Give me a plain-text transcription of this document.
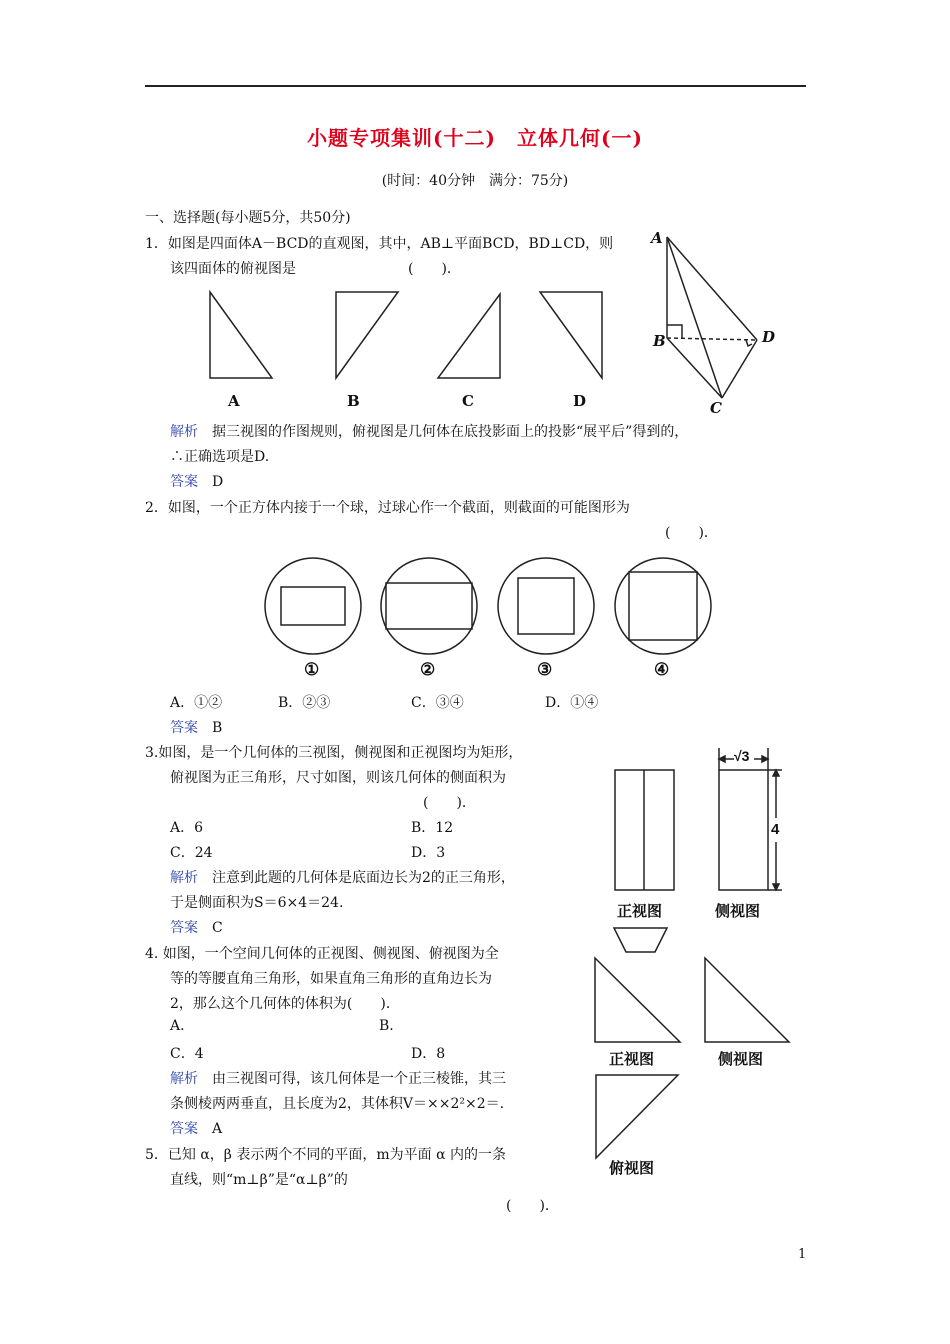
小题专项集训(十二)　立体几何(一)
(时间：40分钟　满分：75分)
一、选择题(每小题5分，共50分)
1．如图是四面体A－BCD的直观图，其中，AB⊥平面BCD，BD⊥CD，则
该四面体的俯视图是　　　　　　　　(　　)．
A	B	C	D
A
B
C
D
解析　据三视图的作图规则，俯视图是几何体在底投影面上的投影“展平后”得到的，
∴正确选项是D.
答案　D
2．如图，一个正方体内接于一个球，过球心作一个截面，则截面的可能图形为
(　　)．
①	②	③	④
A．①②	B．②③	C．③④	D．①④
答案　B
3.如图，是一个几何体的三视图，侧视图和正视图均为矩形，
俯视图为正三角形，尺寸如图，则该几何体的侧面积为
(　　)．
A．6	B．12
C．24	D．3
解析　注意到此题的几何体是底面边长为2的正三角形，
于是侧面积为S＝6×4＝24.
答案　C
√3
4
正视图	侧视图
4. 如图，一个空间几何体的正视图、侧视图、俯视图为全
等的等腰直角三角形，如果直角三角形的直角边长为
2，那么这个几何体的体积为(　　)．
A.	B.
C．4	D．8
解析　由三视图可得，该几何体是一个正三棱锥，其三
条侧棱两两垂直，且长度为2，其体积V＝××2²×2＝.
答案　A
正视图	侧视图
俯视图
5．已知 α，β 表示两个不同的平面，m为平面 α 内的一条
直线，则“m⊥β”是“α⊥β”的
(　　)．
1
